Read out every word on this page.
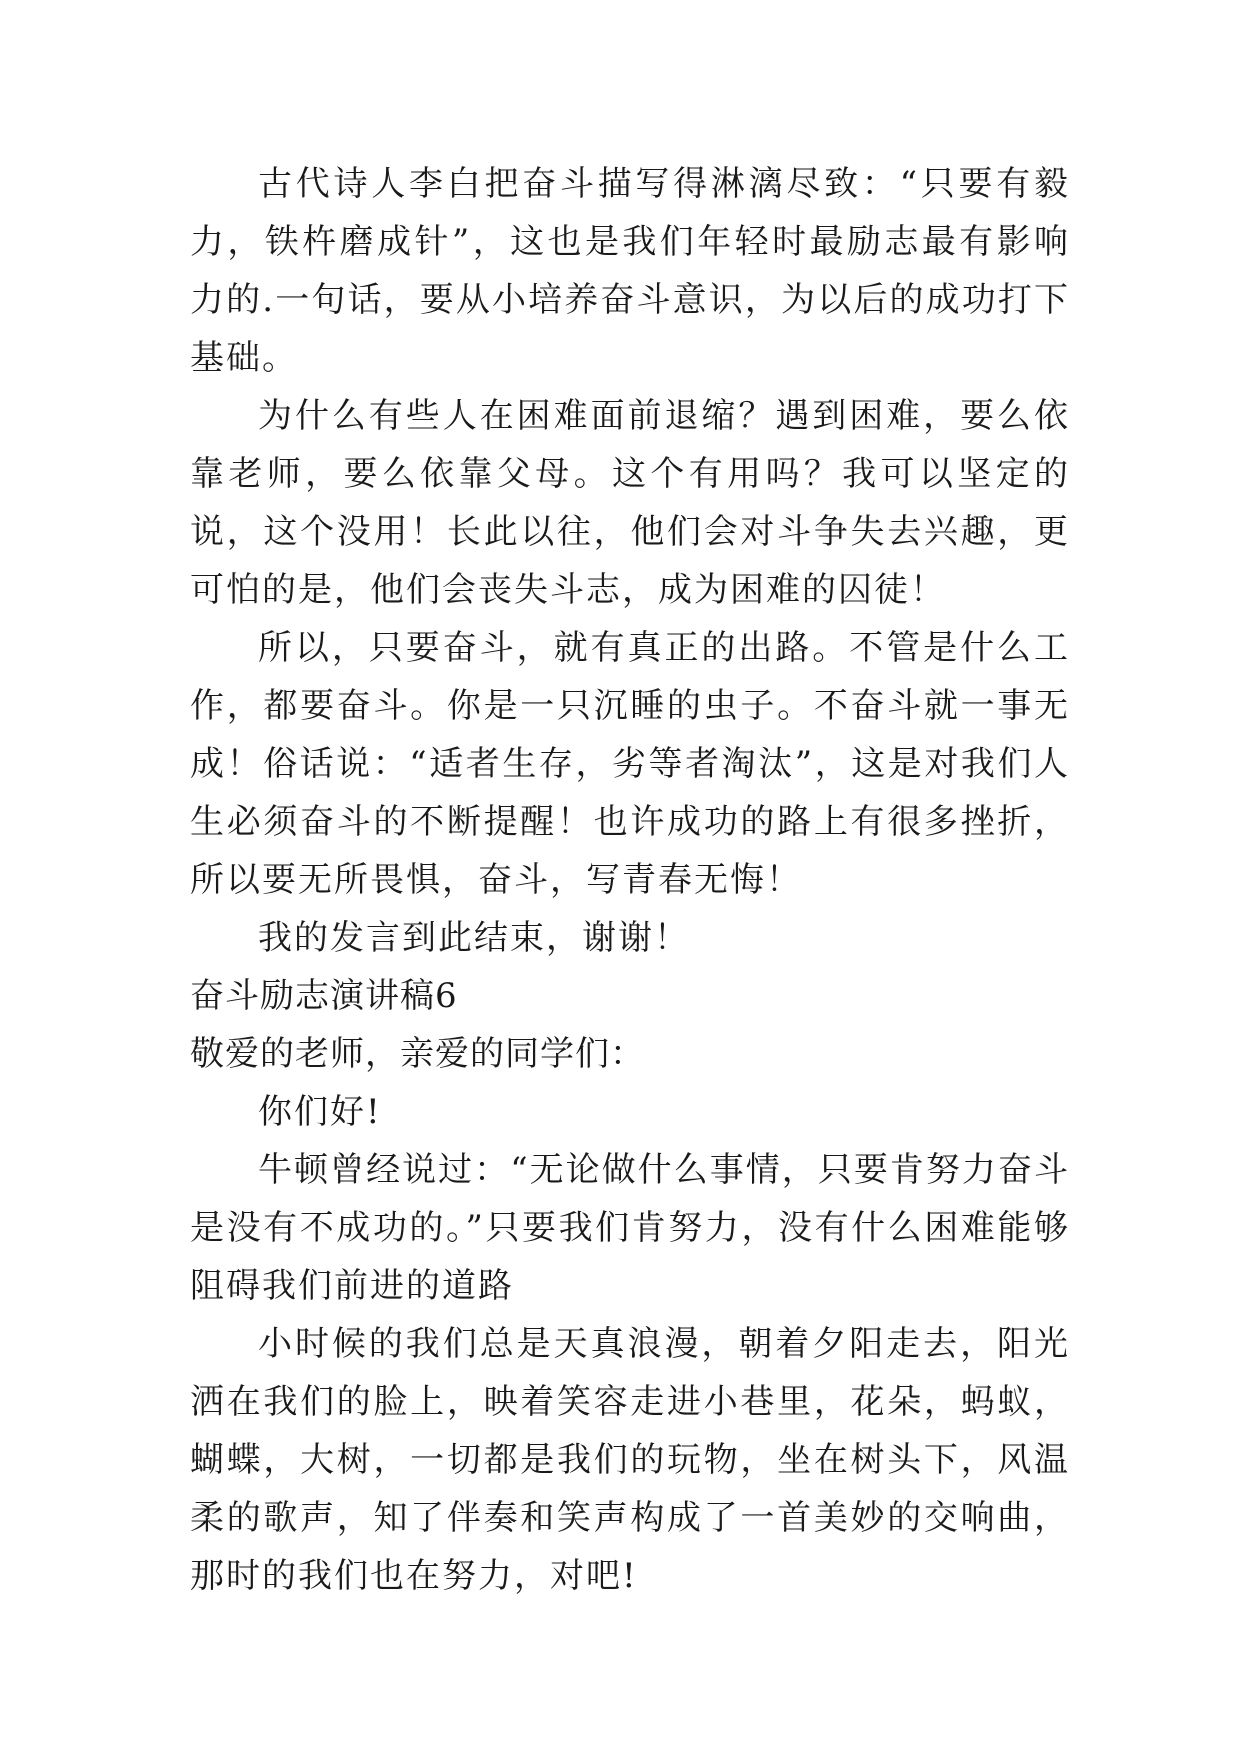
古代诗人李白把奋斗描写得淋漓尽致：“只要有毅力，铁杵磨成针”，这也是我们年轻时最励志最有影响力的.一句话，要从小培养奋斗意识，为以后的成功打下基础。

为什么有些人在困难面前退缩？遇到困难，要么依靠老师，要么依靠父母。这个有用吗？我可以坚定的说，这个没用！长此以往，他们会对斗争失去兴趣，更可怕的是，他们会丧失斗志，成为困难的囚徒！

所以，只要奋斗，就有真正的出路。不管是什么工作，都要奋斗。你是一只沉睡的虫子。不奋斗就一事无成！俗话说：“适者生存，劣等者淘汰”，这是对我们人生必须奋斗的不断提醒！也许成功的路上有很多挫折，所以要无所畏惧，奋斗，写青春无悔！

我的发言到此结束，谢谢！

奋斗励志演讲稿6

敬爱的老师，亲爱的同学们：

你们好!

牛顿曾经说过：“无论做什么事情，只要肯努力奋斗是没有不成功的。”只要我们肯努力，没有什么困难能够阻碍我们前进的道路

小时候的我们总是天真浪漫，朝着夕阳走去，阳光洒在我们的脸上，映着笑容走进小巷里，花朵，蚂蚁，蝴蝶，大树，一切都是我们的玩物，坐在树头下，风温柔的歌声，知了伴奏和笑声构成了一首美妙的交响曲，那时的我们也在努力，对吧!
